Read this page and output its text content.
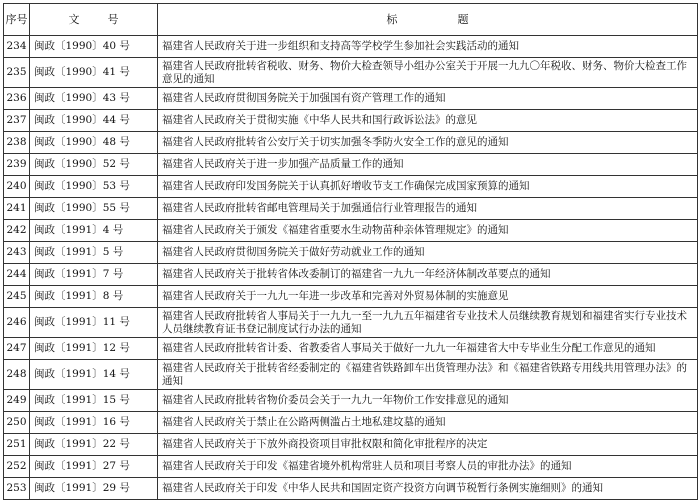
序号	文号	标题
234	闽政〔1990〕40 号	福建省人民政府关于进一步组织和支持高等学校学生参加社会实践活动的通知
235	闽政〔1990〕41 号	福建省人民政府批转省税收、财务、物价大检查领导小组办公室关于开展一九九〇年税收、财务、物价大检查工作意见的通知
236	闽政〔1990〕43 号	福建省人民政府贯彻国务院关于加强国有资产管理工作的通知
237	闽政〔1990〕44 号	福建省人民政府关于贯彻实施《中华人民共和国行政诉讼法》的意见
238	闽政〔1990〕48 号	福建省人民政府批转省公安厅关于切实加强冬季防火安全工作的意见的通知
239	闽政〔1990〕52 号	福建省人民政府关于进一步加强产品质量工作的通知
240	闽政〔1990〕53 号	福建省人民政府印发国务院关于认真抓好增收节支工作确保完成国家预算的通知
241	闽政〔1990〕55 号	福建省人民政府批转省邮电管理局关于加强通信行业管理报告的通知
242	闽政〔1991〕4 号	福建省人民政府关于颁发《福建省重要水生动物苗种亲体管理规定》的通知
243	闽政〔1991〕5 号	福建省人民政府贯彻国务院关于做好劳动就业工作的通知
244	闽政〔1991〕7 号	福建省人民政府关于批转省体改委制订的福建省一九九一年经济体制改革要点的通知
245	闽政〔1991〕8 号	福建省人民政府关于一九九一年进一步改革和完善对外贸易体制的实施意见
246	闽政〔1991〕11 号	福建省人民政府批转省人事局关于一九九一至一九九五年福建省专业技术人员继续教育规划和福建省实行专业技术人员继续教育证书登记制度试行办法的通知
247	闽政〔1991〕12 号	福建省人民政府批转省计委、省教委省人事局关于做好一九九一年福建省大中专毕业生分配工作意见的通知
248	闽政〔1991〕14 号	福建省人民政府关于批转省经委制定的《福建省铁路卸车出货管理办法》和《福建省铁路专用线共用管理办法》的通知
249	闽政〔1991〕15 号	福建省人民政府批转省物价委员会关于一九九一年物价工作安排意见的通知
250	闽政〔1991〕16 号	福建省人民政府关于禁止在公路两侧滥占土地私建坟墓的通知
251	闽政〔1991〕22 号	福建省人民政府关于下放外商投资项目审批权限和简化审批程序的决定
252	闽政〔1991〕27 号	福建省人民政府关于印发《福建省境外机构常驻人员和项目考察人员的审批办法》的通知
253	闽政〔1991〕29 号	福建省人民政府关于印发《中华人民共和国固定资产投资方向调节税暂行条例实施细则》的通知
